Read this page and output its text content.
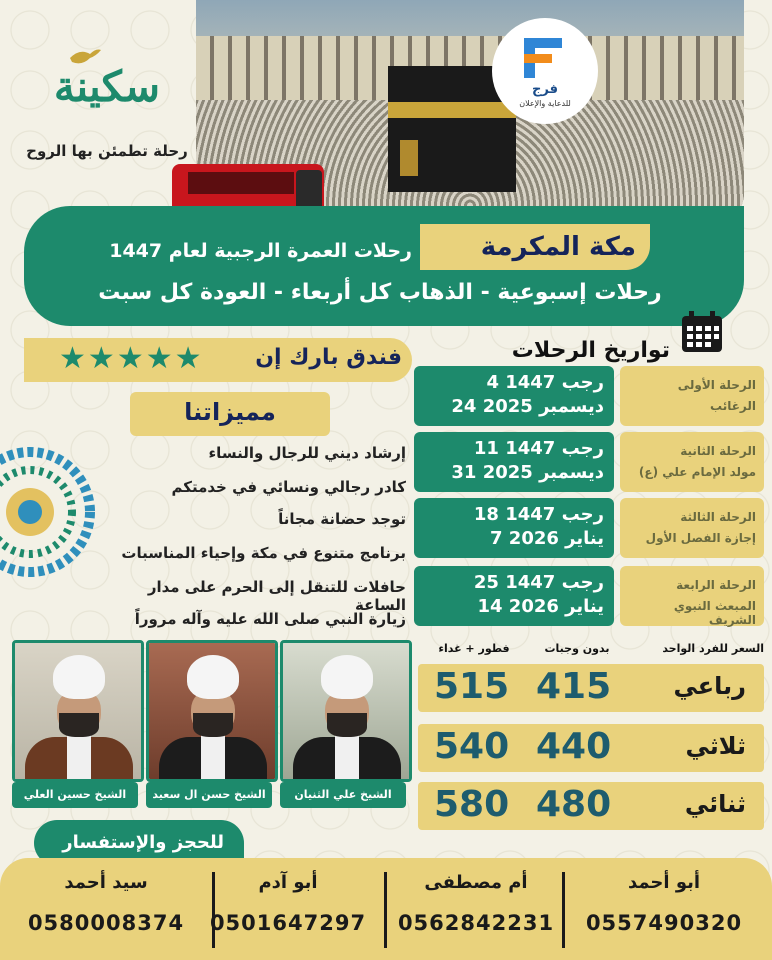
سكينة
رحلة تطمئن بها الروح
فرج
للدعاية والإعلان
مكة المكرمة
رحلات العمرة الرجبية لعام 1447
رحلات إسبوعية - الذهاب كل أربعاء - العودة كل سبت
فندق بارك إن
★★★★★
مميزاتنا
إرشاد ديني للرجال والنساء
كادر رجالي ونسائي في خدمتكم
توجد حضانة مجاناً
برنامج متنوع في مكة وإحياء المناسبات
حافلات للتنقل إلى الحرم على مدار الساعة
زيارة النبي صلى الله عليه وآله مروراً
تواريخ الرحلات
4 رجب 1447
24 ديسمبر 2025
الرحلة الأولى
الرغائب
11 رجب 1447
31 ديسمبر 2025
الرحلة الثانية
مولد الإمام علي (ع)
18 رجب 1447
7 يناير 2026
الرحلة الثالثة
إجازة الفصل الأول
25 رجب 1447
14 يناير 2026
الرحلة الرابعة
المبعث النبوي الشريف
السعر للفرد الواحد
بدون وجبات
فطور + غداء
رباعي
415
515
ثلاثي
440
540
ثنائي
480
580
الشيخ حسين العلي	الشيخ حسن ال سعيد	الشيخ علي الثنيان
للحجز والإستفسار
سيد أحمد
0580008374
أبو آدم
0501647297
أم مصطفى
0562842231
أبو أحمد
0557490320
